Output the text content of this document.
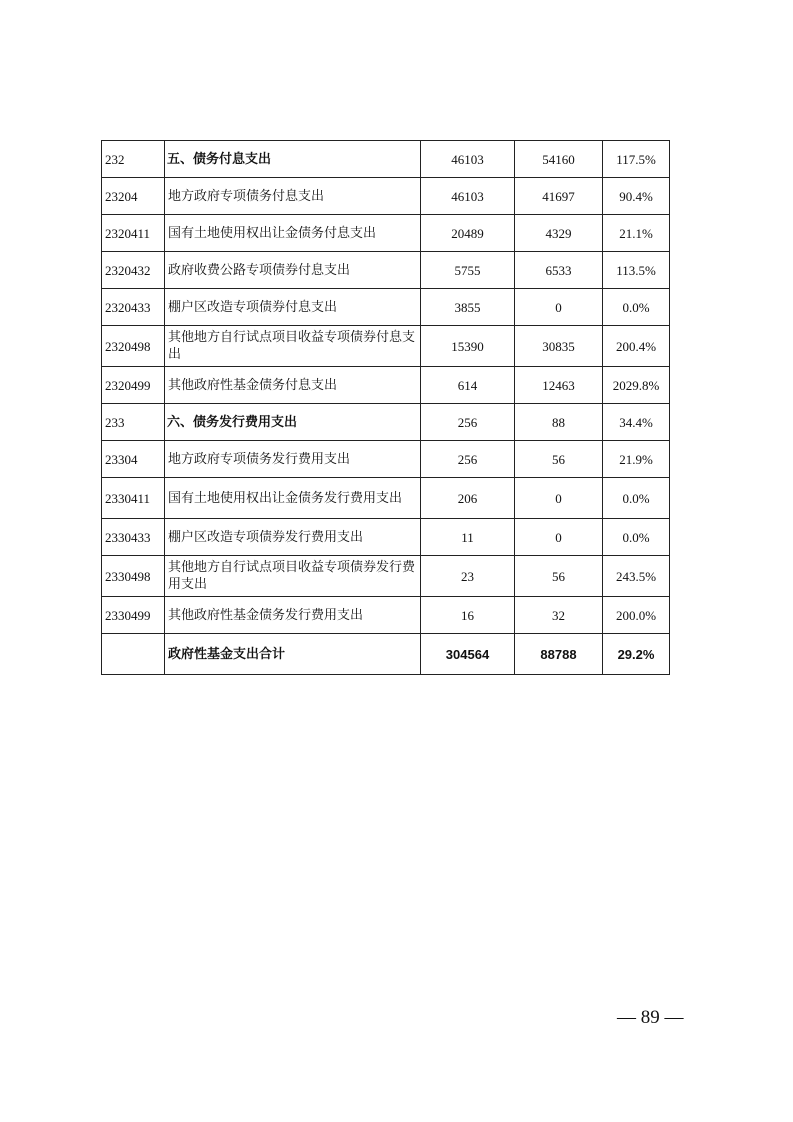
232	五、债务付息支出	46103	54160	117.5%
23204	地方政府专项债务付息支出	46103	41697	90.4%
2320411	国有土地使用权出让金债务付息支出	20489	4329	21.1%
2320432	政府收费公路专项债券付息支出	5755	6533	113.5%
2320433	棚户区改造专项债券付息支出	3855	0	0.0%
2320498	其他地方自行试点项目收益专项债券付息支出	15390	30835	200.4%
2320499	其他政府性基金债务付息支出	614	12463	2029.8%
233	六、债务发行费用支出	256	88	34.4%
23304	地方政府专项债务发行费用支出	256	56	21.9%
2330411	国有土地使用权出让金债务发行费用支出	206	0	0.0%
2330433	棚户区改造专项债券发行费用支出	11	0	0.0%
2330498	其他地方自行试点项目收益专项债券发行费用支出	23	56	243.5%
2330499	其他政府性基金债务发行费用支出	16	32	200.0%
	政府性基金支出合计	304564	88788	29.2%
— 89 —
